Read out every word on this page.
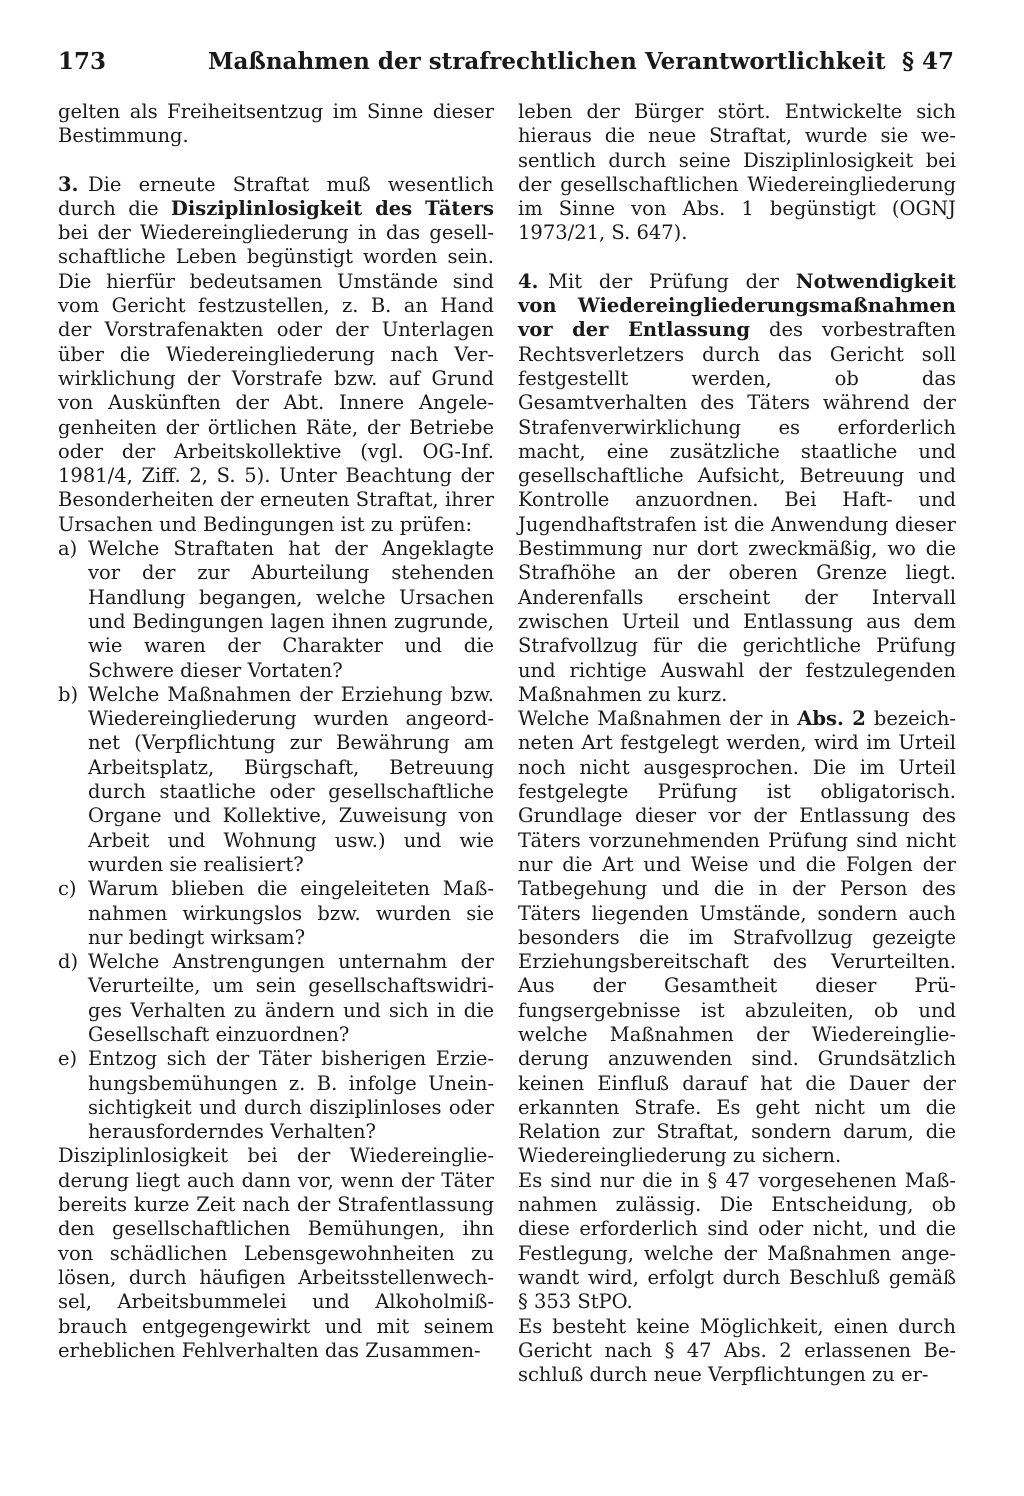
173	Maßnahmen der strafrechtlichen Verantwortlichkeit § 47

gelten als Freiheitsentzug im Sinne dieser Bestimmung.

3. Die erneute Straftat muß wesentlich durch die Disziplinlosigkeit des Täters bei der Wiedereingliederung in das gesellschaftliche Leben begünstigt worden sein. Die hierfür bedeutsamen Umstände sind vom Gericht festzustellen, z. B. an Hand der Vorstrafenakten oder der Unterlagen über die Wiedereingliederung nach Verwirklichung der Vorstrafe bzw. auf Grund von Auskünften der Abt. Innere Angelegenheiten der örtlichen Räte, der Betriebe oder der Arbeitskollektive (vgl. OG-Inf. 1981/4, Ziff. 2, S. 5). Unter Beachtung der Besonderheiten der erneuten Straftat, ihrer Ursachen und Bedingungen ist zu prüfen:

a) Welche Straftaten hat der Angeklagte vor der zur Aburteilung stehenden Handlung begangen, welche Ursachen und Bedingungen lagen ihnen zugrunde, wie waren der Charakter und die Schwere dieser Vortaten?
b) Welche Maßnahmen der Erziehung bzw. Wiedereingliederung wurden angeordnet (Verpflichtung zur Bewährung am Arbeitsplatz, Bürgschaft, Betreuung durch staatliche oder gesellschaftliche Organe und Kollektive, Zuweisung von Arbeit und Wohnung usw.) und wie wurden sie realisiert?
c) Warum blieben die eingeleiteten Maßnahmen wirkungslos bzw. wurden sie nur bedingt wirksam?
d) Welche Anstrengungen unternahm der Verurteilte, um sein gesellschaftswidriges Verhalten zu ändern und sich in die Gesellschaft einzuordnen?
e) Entzog sich der Täter bisherigen Erziehungsbemühungen z. B. infolge Uneinsichtigkeit und durch disziplinloses oder herausforderndes Verhalten?

Disziplinlosigkeit bei der Wiedereingliederung liegt auch dann vor, wenn der Täter bereits kurze Zeit nach der Strafentlassung den gesellschaftlichen Bemühungen, ihn von schädlichen Lebensgewohnheiten zu lösen, durch häufigen Arbeitsstellenwechsel, Arbeitsbummelei und Alkoholmißbrauch entgegengewirkt und mit seinem erheblichen Fehlverhalten das Zusammen-

leben der Bürger stört. Entwickelte sich hieraus die neue Straftat, wurde sie wesentlich durch seine Disziplinlosigkeit bei der gesellschaftlichen Wiedereingliederung im Sinne von Abs. 1 begünstigt (OGNJ 1973/21, S. 647).

4. Mit der Prüfung der Notwendigkeit von Wiedereingliederungsmaßnahmen vor der Entlassung des vorbestraften Rechtsverletzers durch das Gericht soll festgestellt werden, ob das Gesamtverhalten des Täters während der Strafenverwirklichung es erforderlich macht, eine zusätzliche staatliche und gesellschaftliche Aufsicht, Betreuung und Kontrolle anzuordnen. Bei Haft- und Jugendhaftstrafen ist die Anwendung dieser Bestimmung nur dort zweckmäßig, wo die Strafhöhe an der oberen Grenze liegt. Anderenfalls erscheint der Intervall zwischen Urteil und Entlassung aus dem Strafvollzug für die gerichtliche Prüfung und richtige Auswahl der festzulegenden Maßnahmen zu kurz.

Welche Maßnahmen der in Abs. 2 bezeichneten Art festgelegt werden, wird im Urteil noch nicht ausgesprochen. Die im Urteil festgelegte Prüfung ist obligatorisch. Grundlage dieser vor der Entlassung des Täters vorzunehmenden Prüfung sind nicht nur die Art und Weise und die Folgen der Tatbegehung und die in der Person des Täters liegenden Umstände, sondern auch besonders die im Strafvollzug gezeigte Erziehungsbereitschaft des Verurteilten. Aus der Gesamtheit dieser Prüfungsergebnisse ist abzuleiten, ob und welche Maßnahmen der Wiedereingliederung anzuwenden sind. Grundsätzlich keinen Einfluß darauf hat die Dauer der erkannten Strafe. Es geht nicht um die Relation zur Straftat, sondern darum, die Wiedereingliederung zu sichern.

Es sind nur die in § 47 vorgesehenen Maßnahmen zulässig. Die Entscheidung, ob diese erforderlich sind oder nicht, und die Festlegung, welche der Maßnahmen angewandt wird, erfolgt durch Beschluß gemäß § 353 StPO.

Es besteht keine Möglichkeit, einen durch Gericht nach § 47 Abs. 2 erlassenen Beschluß durch neue Verpflichtungen zu er-
